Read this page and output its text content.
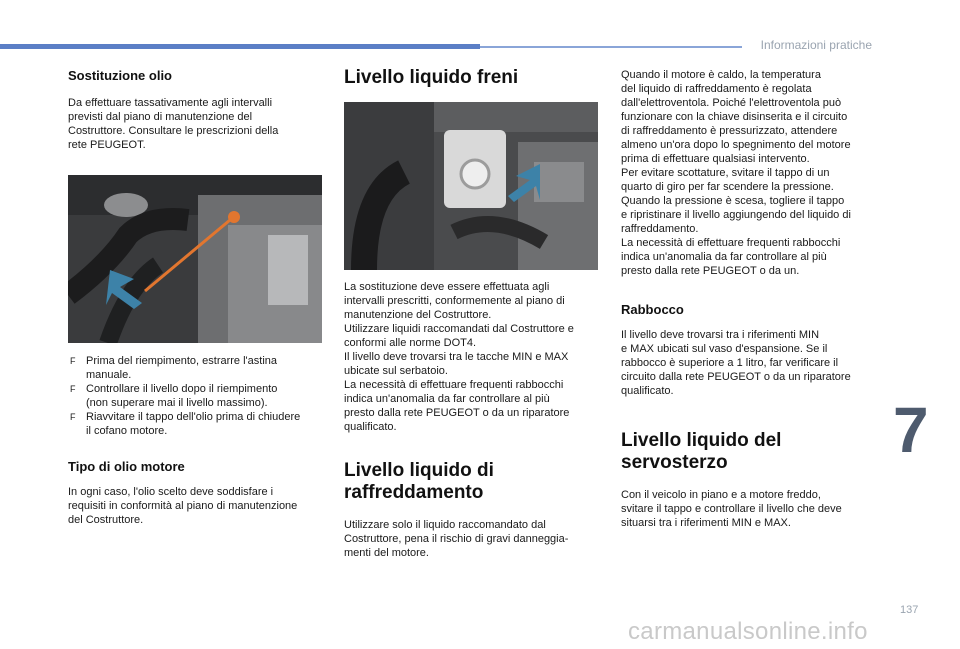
Informazioni pratiche
7
137
carmanualsonline.info
Sostituzione olio

Da effettuare tassativamente agli intervalli

previsti dal piano di manutenzione del

Costruttore. Consultare le prescrizioni della

rete PEUGEOT.

F Prima del riempimento, estrarre l'astina
manuale.

F Controllare il livello dopo il riempimento
(non superare mai il livello massimo).

F Riavvitare il tappo dell'olio prima di chiudere
il cofano motore.

Tipo di olio motore

In ogni caso, l'olio scelto deve soddisfare i

requisiti in conformità al piano di manutenzione

del Costruttore.

Livello liquido freni

La sostituzione deve essere effettuata agli

intervalli prescritti, conformemente al piano di

manutenzione del Costruttore.

Utilizzare liquidi raccomandati dal Costruttore e

conformi alle norme DOT4.

Il livello deve trovarsi tra le tacche MIN e MAX

ubicate sul serbatoio.

La necessità di effettuare frequenti rabbocchi

indica un'anomalia da far controllare al più

presto dalla rete PEUGEOT o da un riparatore

qualificato.

Livello liquido di
raffreddamento

Utilizzare solo il liquido raccomandato dal

Costruttore, pena il rischio di gravi danneggia-

menti del motore.

Quando il motore è caldo, la temperatura

del liquido di raffreddamento è regolata

dall'elettroventola. Poiché l'elettroventola può

funzionare con la chiave disinserita e il circuito

di raffreddamento è pressurizzato, attendere

almeno un'ora dopo lo spegnimento del motore

prima di effettuare qualsiasi intervento.

Per evitare scottature, svitare il tappo di un

quarto di giro per far scendere la pressione.

Quando la pressione è scesa, togliere il tappo

e ripristinare il livello aggiungendo del liquido di

raffreddamento.

La necessità di effettuare frequenti rabbocchi

indica un'anomalia da far controllare al più

presto dalla rete PEUGEOT o da un.

Rabbocco

Il livello deve trovarsi tra i riferimenti MIN

e MAX ubicati sul vaso d'espansione. Se il

rabbocco è superiore a 1 litro, far verificare il

circuito dalla rete PEUGEOT o da un riparatore

qualificato.

Livello liquido del
servosterzo

Con il veicolo in piano e a motore freddo,

svitare il tappo e controllare il livello che deve

situarsi tra i riferimenti MIN e MAX.
